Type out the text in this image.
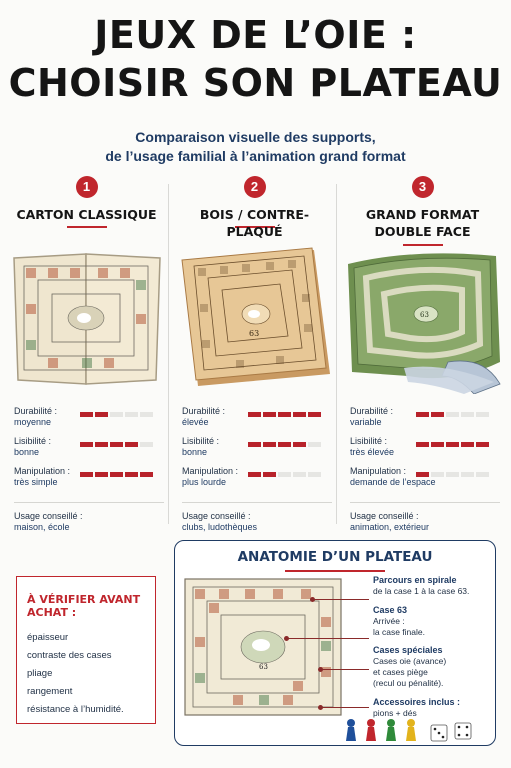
JEUX DE L’OIE :
CHOISIR SON PLATEAU
Comparaison visuelle des supports,
de l’usage familial à l’animation grand format
1
CARTON CLASSIQUE
Durabilité :
moyenne
Lisibilité :
bonne
Manipulation :
très simple
Usage conseillé :
maison, école
2
BOIS / CONTRE-PLAQUÉ
63
Durabilité :
élevée
Lisibilité :
bonne
Manipulation :
plus lourde
Usage conseillé :
clubs, ludothèques
3
GRAND FORMAT
DOUBLE FACE
63
Durabilité :
variable
Lisibilité :
très élevée
Manipulation :
demande de l’espace
Usage conseillé :
animation, extérieur
À VÉRIFIER AVANT ACHAT :
épaisseur
contraste des cases
pliage
rangement
résistance à l’humidité.
ANATOMIE D’UN PLATEAU
63
Parcours en spirale
de la case 1 à la case 63.
Case 63
Arrivée :
la case finale.
Cases spéciales
Cases oie (avance)
et cases piège
(recul ou pénalité).
Accessoires inclus :
pions + dés
